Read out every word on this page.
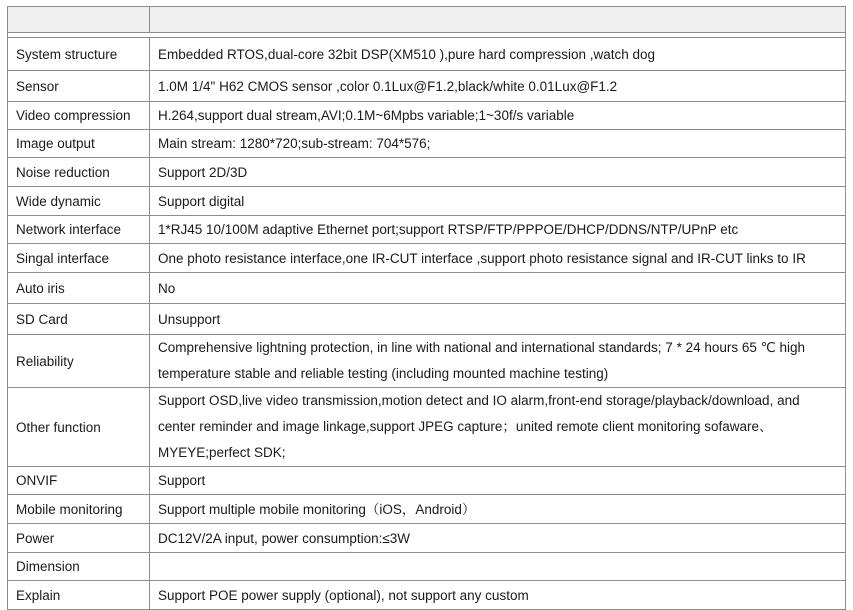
System structure	Embedded RTOS,dual-core 32bit DSP(XM510 ),pure hard compression ,watch dog
Sensor	1.0M 1/4" H62 CMOS sensor ,color 0.1Lux@F1.2,black/white 0.01Lux@F1.2
Video compression	H.264,support dual stream,AVI;0.1M~6Mpbs variable;1~30f/s variable
Image output	Main stream: 1280*720;sub-stream: 704*576;
Noise reduction	Support 2D/3D
Wide dynamic	Support digital
Network interface	1*RJ45 10/100M adaptive Ethernet port;support RTSP/FTP/PPPOE/DHCP/DDNS/NTP/UPnP etc
Singal interface	One photo resistance interface,one IR-CUT interface ,support photo resistance signal and IR-CUT links to IR
Auto iris	No
SD Card	Unsupport
Reliability	Comprehensive lightning protection, in line with national and international standards; 7 * 24 hours 65 ℃ high temperature stable and reliable testing (including mounted machine testing)
Other function	Support OSD,live video transmission,motion detect and IO alarm,front-end storage/playback/download, and center reminder and image linkage,support JPEG capture；united remote client monitoring sofaware、MYEYE;perfect SDK;
ONVIF	Support
Mobile monitoring	Support multiple mobile monitoring（iOS，Android）
Power	DC12V/2A input, power consumption:≤3W
Dimension	
Explain	Support POE power supply (optional), not support any custom
